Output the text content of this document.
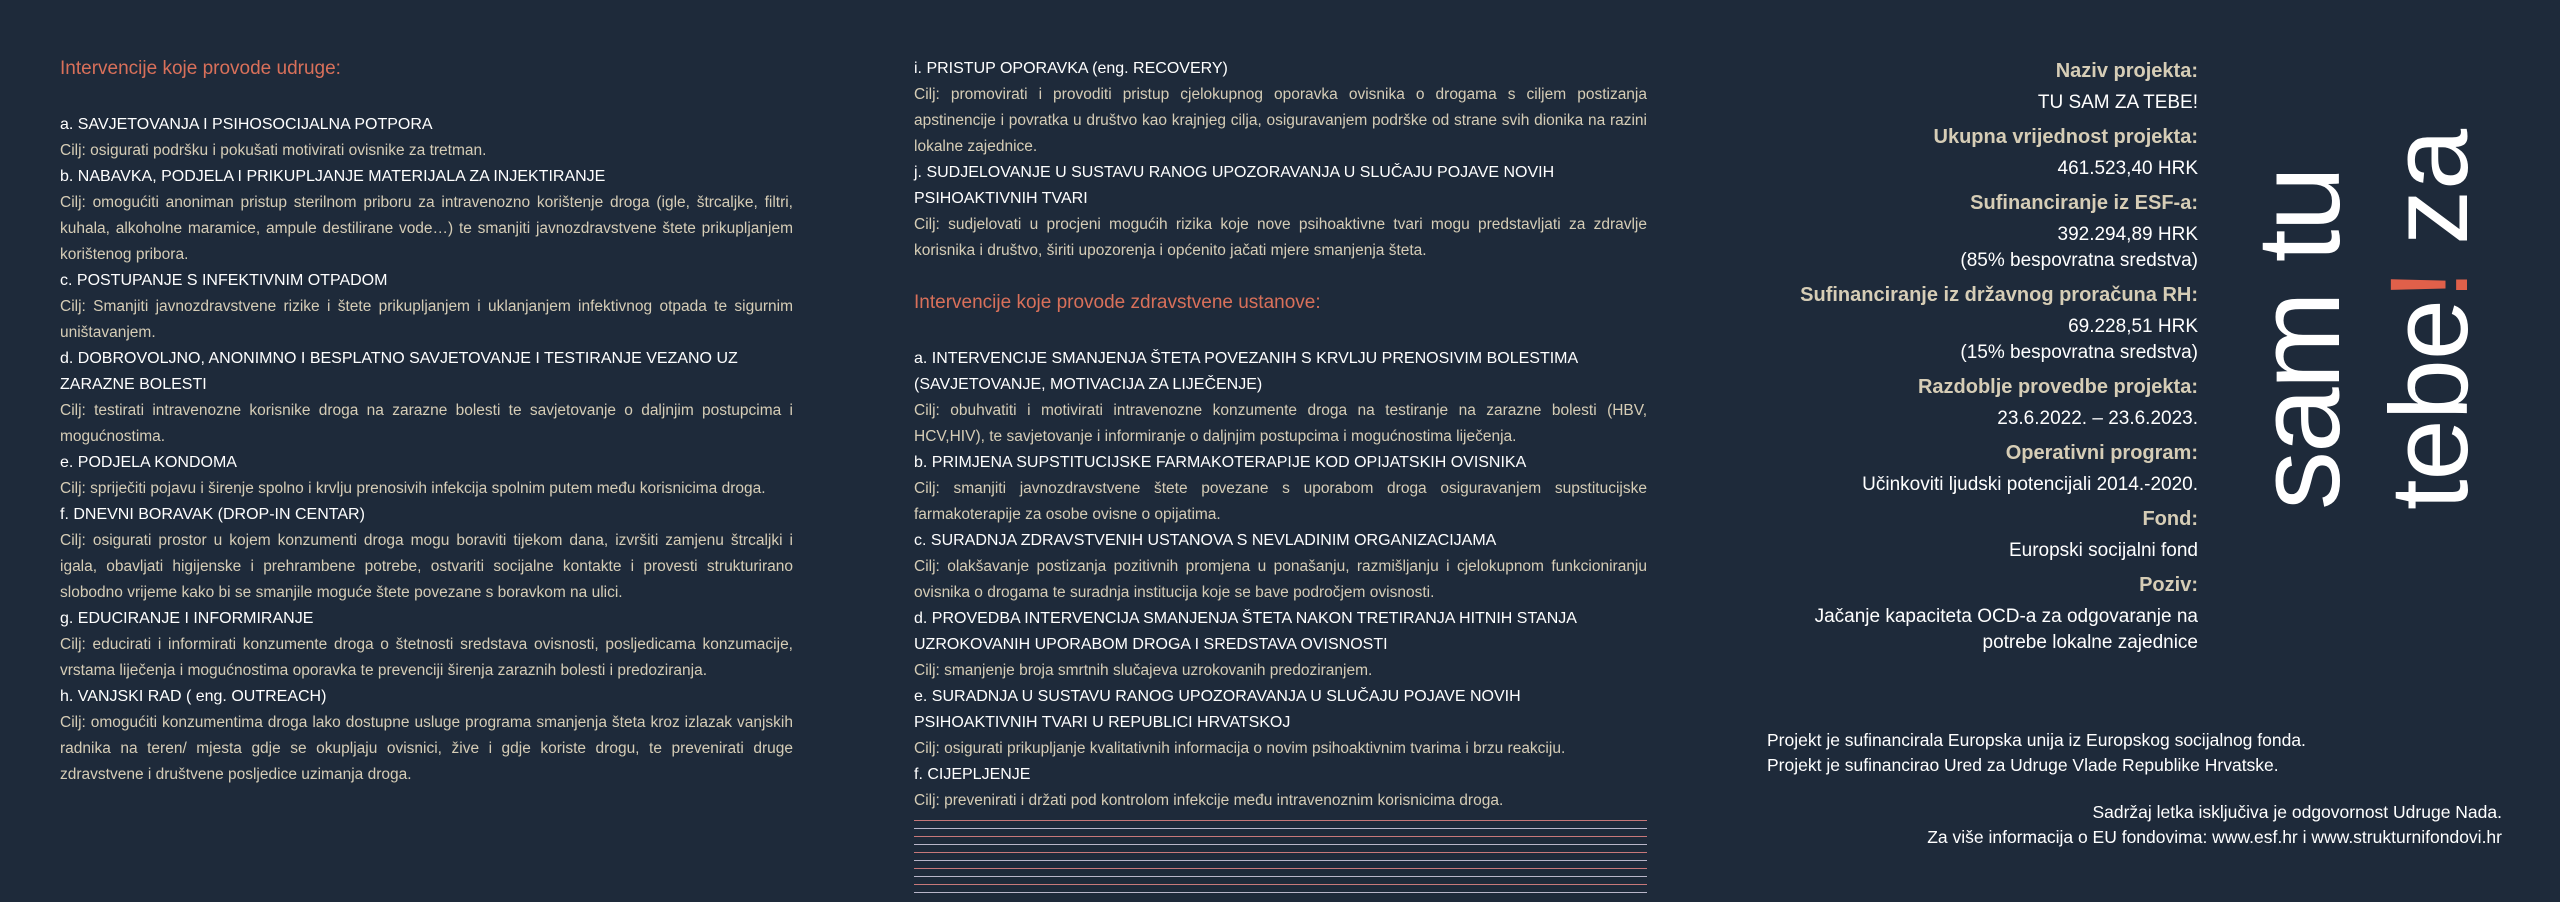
Intervencije koje provode udruge:

a. SAVJETOVANJA I PSIHOSOCIJALNA POTPORA

Cilj: osigurati podršku i pokušati motivirati ovisnike za tretman.

b. NABAVKA, PODJELA I PRIKUPLJANJE MATERIJALA ZA INJEKTIRANJE

Cilj: omogućiti anoniman pristup sterilnom priboru za intravenozno korištenje droga (igle, štrcaljke, filtri, kuhala, alkoholne maramice, ampule destilirane vode…) te smanjiti javnozdravstvene štete prikupljanjem korištenog pribora.

c. POSTUPANJE S INFEKTIVNIM OTPADOM

Cilj: Smanjiti javnozdravstvene rizike i štete prikupljanjem i uklanjanjem infektivnog otpada te sigurnim uništavanjem.

d. DOBROVOLJNO, ANONIMNO I BESPLATNO SAVJETOVANJE I TESTIRANJE VEZANO UZ ZARAZNE BOLESTI

Cilj: testirati intravenozne korisnike droga na zarazne bolesti te savjetovanje o daljnjim postupcima i mogućnostima.

e. PODJELA KONDOMA

Cilj: spriječiti pojavu i širenje spolno i krvlju prenosivih infekcija spolnim putem među korisnicima droga.

f. DNEVNI BORAVAK (DROP-IN CENTAR)

Cilj: osigurati prostor u kojem konzumenti droga mogu boraviti tijekom dana, izvršiti zamjenu štrcaljki i igala, obavljati higijenske i prehrambene potrebe, ostvariti socijalne kontakte i provesti strukturirano slobodno vrijeme kako bi se smanjile moguće štete povezane s boravkom na ulici.

g. EDUCIRANJE I INFORMIRANJE

Cilj: educirati i informirati konzumente droga o štetnosti sredstava ovisnosti, posljedicama konzumacije, vrstama liječenja i mogućnostima oporavka te prevenciji širenja zaraznih bolesti i predoziranja.

h. VANJSKI RAD ( eng. OUTREACH)

Cilj: omogućiti konzumentima droga lako dostupne usluge programa smanjenja šteta kroz izlazak vanjskih radnika na teren/ mjesta gdje se okupljaju ovisnici, žive i gdje koriste drogu, te prevenirati druge zdravstvene i društvene posljedice uzimanja droga.

i. PRISTUP OPORAVKA (eng. RECOVERY)

Cilj: promovirati i provoditi pristup cjelokupnog oporavka ovisnika o drogama s ciljem postizanja apstinencije i povratka u društvo kao krajnjeg cilja, osiguravanjem podrške od strane svih dionika na razini lokalne zajednice.

j. SUDJELOVANJE U SUSTAVU RANOG UPOZORAVANJA U SLUČAJU POJAVE NOVIH PSIHOAKTIVNIH TVARI

Cilj: sudjelovati u procjeni mogućih rizika koje nove psihoaktivne tvari mogu predstavljati za zdravlje korisnika i društvo, širiti upozorenja i općenito jačati mjere smanjenja šteta.

Intervencije koje provode zdravstvene ustanove:

a. INTERVENCIJE SMANJENJA ŠTETA POVEZANIH S KRVLJU PRENOSIVIM BOLESTIMA (SAVJETOVANJE, MOTIVACIJA ZA LIJEČENJE)

Cilj: obuhvatiti i motivirati intravenozne konzumente droga na testiranje na zarazne bolesti (HBV, HCV,HIV), te savjetovanje i informiranje o daljnjim postupcima i mogućnostima liječenja.

b. PRIMJENA SUPSTITUCIJSKE FARMAKOTERAPIJE KOD OPIJATSKIH OVISNIKA

Cilj: smanjiti javnozdravstvene štete povezane s uporabom droga osiguravanjem supstitucijske farmakoterapije za osobe ovisne o opijatima.

c. SURADNJA ZDRAVSTVENIH USTANOVA S NEVLADINIM ORGANIZACIJAMA

Cilj: olakšavanje postizanja pozitivnih promjena u ponašanju, razmišljanju i cjelokupnom funkcioniranju ovisnika o drogama te suradnja institucija koje se bave področjem ovisnosti.

d. PROVEDBA INTERVENCIJA SMANJENJA ŠTETA NAKON TRETIRANJA HITNIH STANJA UZROKOVANIH UPORABOM DROGA I SREDSTAVA OVISNOSTI

Cilj: smanjenje broja smrtnih slučajeva uzrokovanih predoziranjem.

e. SURADNJA U SUSTAVU RANOG UPOZORAVANJA U SLUČAJU POJAVE NOVIH PSIHOAKTIVNIH TVARI U REPUBLICI HRVATSKOJ

Cilj: osigurati prikupljanje kvalitativnih informacija o novim psihoaktivnim tvarima i brzu reakciju.

f. CIJEPLJENJE

Cilj: prevenirati i držati pod kontrolom infekcije među intravenoznim korisnicima droga.

Naziv projekta:

TU SAM ZA TEBE!

Ukupna vrijednost projekta:

461.523,40 HRK

Sufinanciranje iz ESF-a:

392.294,89 HRK

(85% bespovratna sredstva)

Sufinanciranje iz državnog proračuna RH:

69.228,51 HRK

(15% bespovratna sredstva)

Razdoblje provedbe projekta:

23.6.2022. – 23.6.2023.

Operativni program:

Učinkoviti ljudski potencijali 2014.-2020.

Fond:

Europski socijalni fond

Poziv:

Jačanje kapaciteta OCD-a za odgovaranje na

potrebe lokalne zajednice

sam tu tebe!
za

Projekt je sufinancirala Europska unija iz Europskog socijalnog fonda.

Projekt je sufinancirao Ured za Udruge Vlade Republike Hrvatske.

Sadržaj letka isključiva je odgovornost Udruge Nada.

Za više informacija o EU fondovima: www.esf.hr i www.strukturnifondovi.hr
